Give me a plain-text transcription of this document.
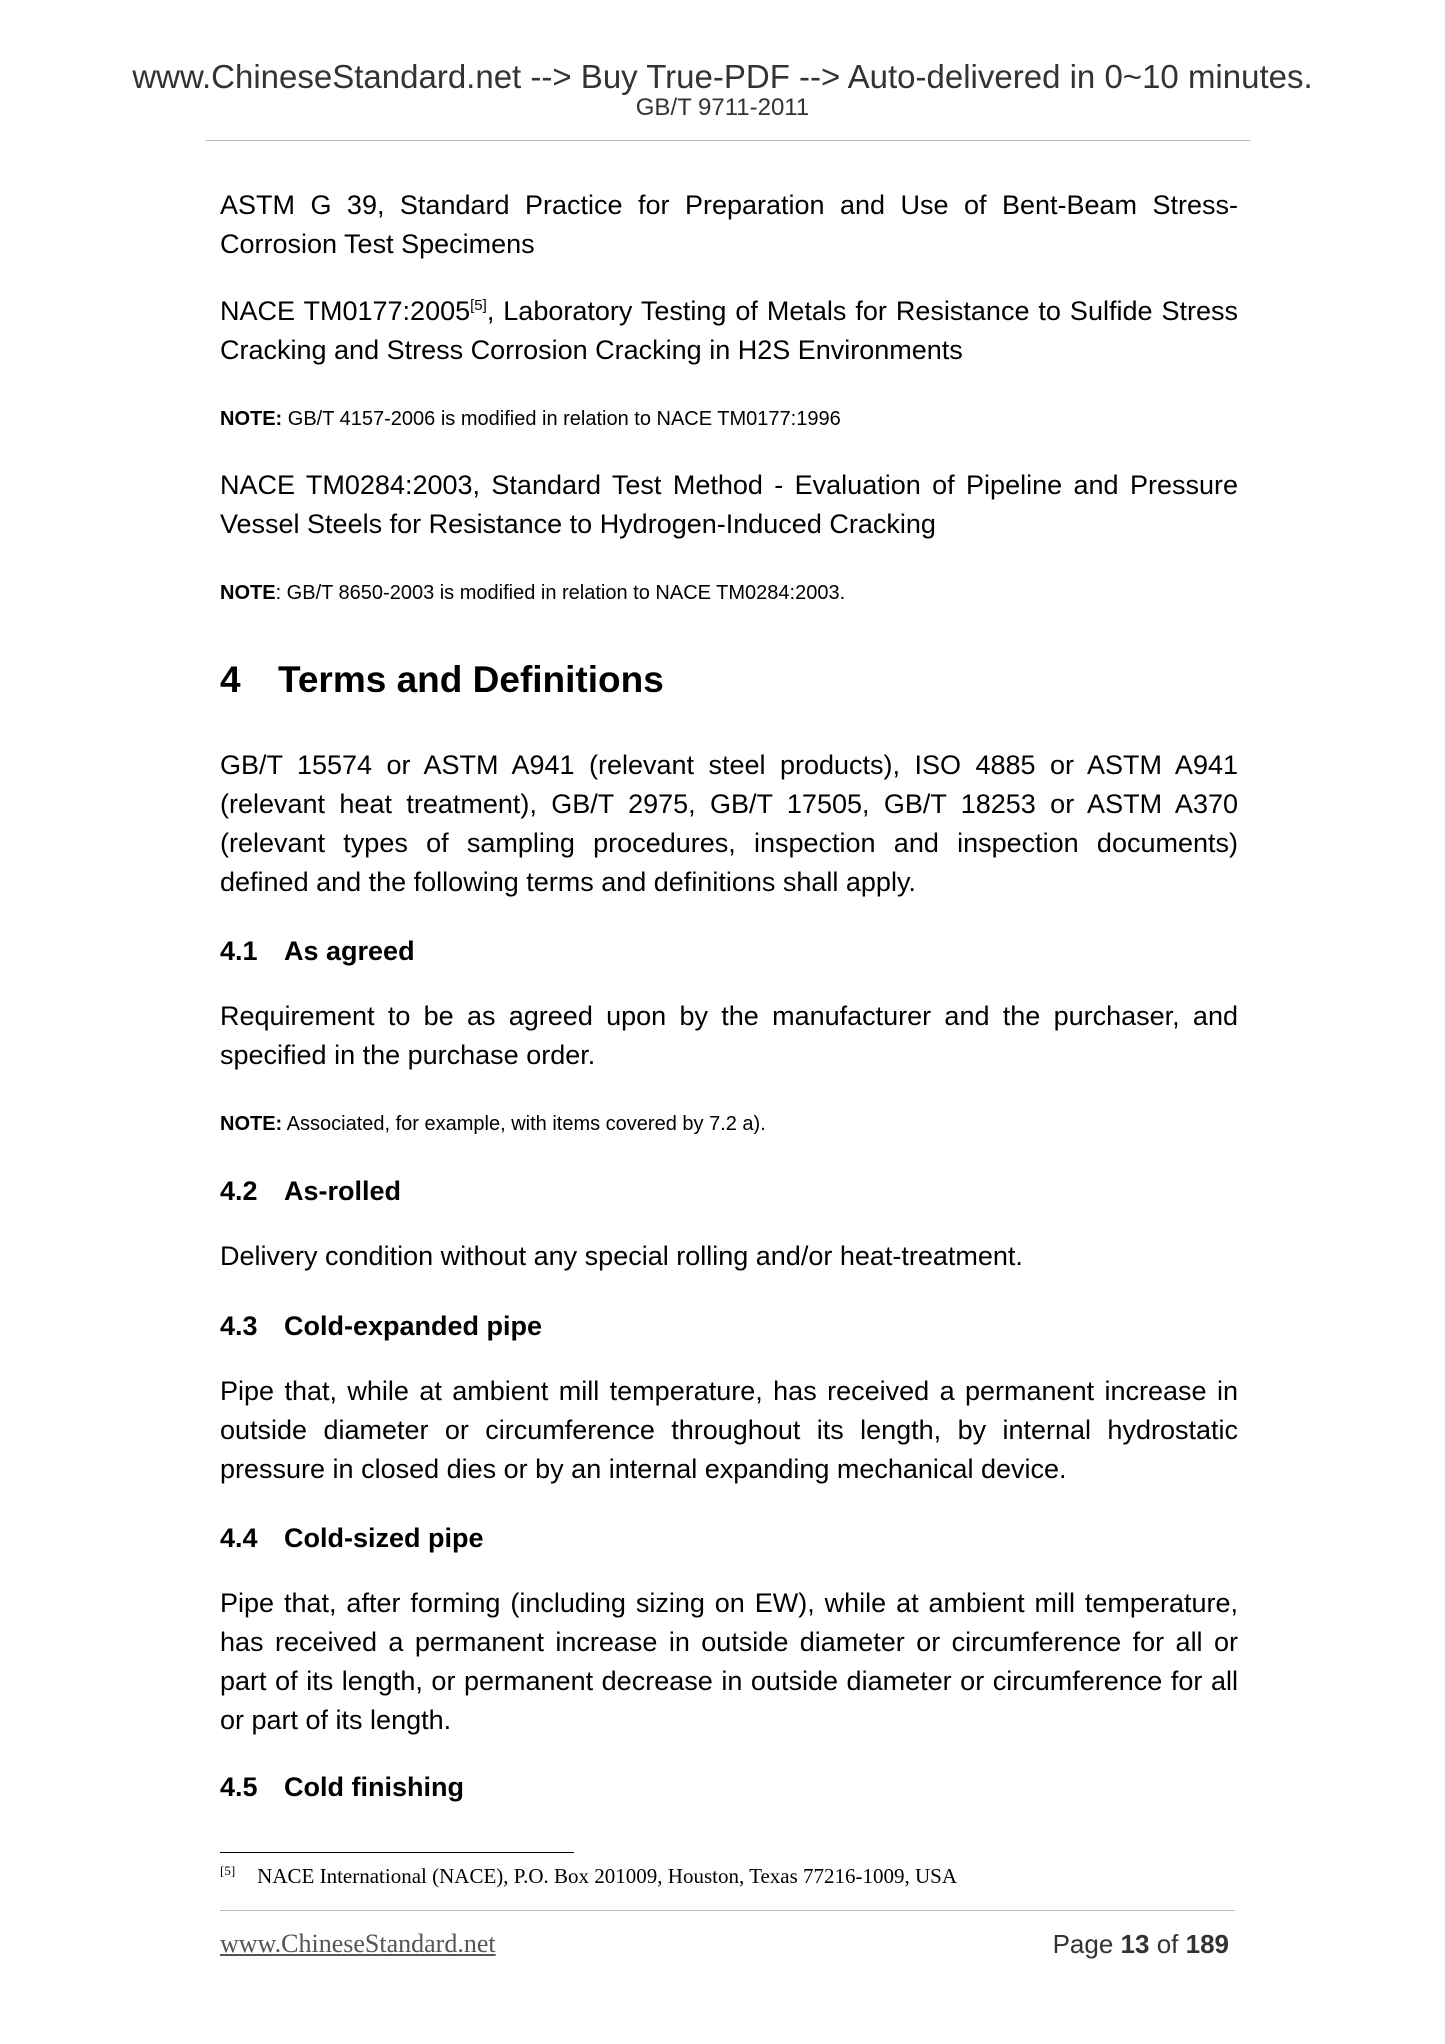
www.ChineseStandard.net --> Buy True-PDF --> Auto-delivered in 0~10 minutes.
GB/T 9711-2011

ASTM G 39, Standard Practice for Preparation and Use of Bent-Beam Stress-Corrosion Test Specimens

NACE TM0177:2005[5], Laboratory Testing of Metals for Resistance to Sulfide Stress Cracking and Stress Corrosion Cracking in H2S Environments

NOTE: GB/T 4157-2006 is modified in relation to NACE TM0177:1996

NACE TM0284:2003, Standard Test Method - Evaluation of Pipeline and Pressure Vessel Steels for Resistance to Hydrogen-Induced Cracking

NOTE: GB/T 8650-2003 is modified in relation to NACE TM0284:2003.

4 Terms and Definitions

GB/T 15574 or ASTM A941 (relevant steel products), ISO 4885 or ASTM A941 (relevant heat treatment), GB/T 2975, GB/T 17505, GB/T 18253 or ASTM A370 (relevant types of sampling procedures, inspection and inspection documents) defined and the following terms and definitions shall apply.

4.1 As agreed

Requirement to be as agreed upon by the manufacturer and the purchaser, and specified in the purchase order.

NOTE: Associated, for example, with items covered by 7.2 a).

4.2 As-rolled

Delivery condition without any special rolling and/or heat-treatment.

4.3 Cold-expanded pipe

Pipe that, while at ambient mill temperature, has received a permanent increase in outside diameter or circumference throughout its length, by internal hydrostatic pressure in closed dies or by an internal expanding mechanical device.

4.4 Cold-sized pipe

Pipe that, after forming (including sizing on EW), while at ambient mill temperature, has received a permanent increase in outside diameter or circumference for all or part of its length, or permanent decrease in outside diameter or circumference for all or part of its length.

4.5 Cold finishing
[5] NACE International (NACE), P.O. Box 201009, Houston, Texas 77216-1009, USA
www.ChineseStandard.net	Page 13 of 189
